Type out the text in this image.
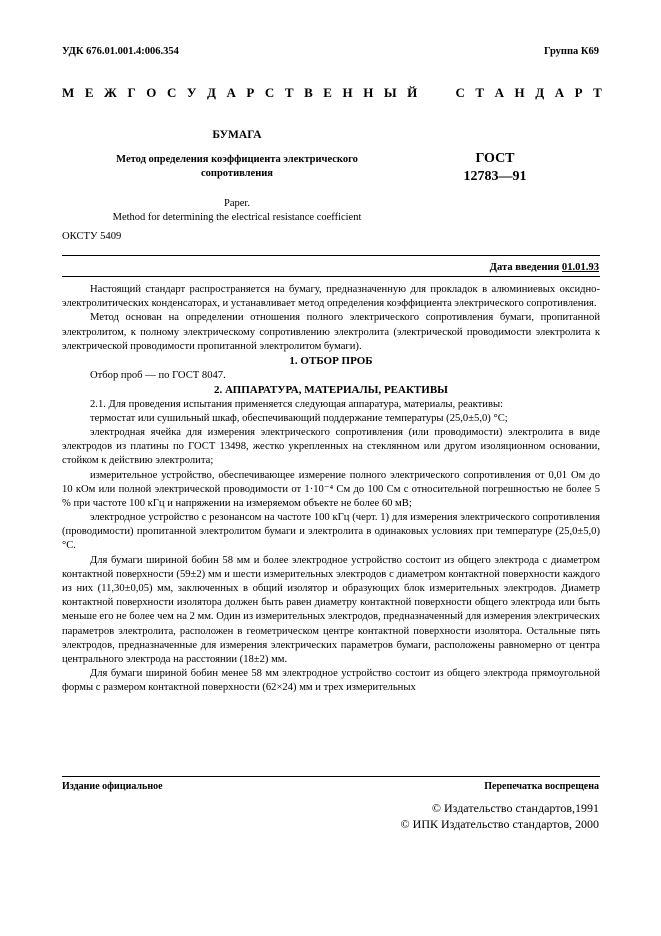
УДК 676.01.001.4:006.354	Группа К69
М Е Ж Г О С У Д А Р С Т В Е Н Н Ы Й

	С Т А Н Д А Р Т
БУМАГА
Метод определения коэффициента электрического
сопротивления
Paper.
Method for determining the electrical resistance coefficient
ГОСТ
12783—91
ОКСТУ 5409
Дата введения 01.01.93

Настоящий стандарт распространяется на бумагу, предназначенную для прокладок в алюминиевых оксидно-электролитических конденсаторах, и устанавливает метод определения коэффициента электрического сопротивления.

Метод основан на определении отношения полного электрического сопротивления бумаги, пропитанной электролитом, к полному электрическому сопротивлению электролита (электрической проводимости электролита к электрической проводимости пропитанной электролитом бумаги).

1. ОТБОР ПРОБ

Отбор проб — по ГОСТ 8047.

2. АППАРАТУРА, МАТЕРИАЛЫ, РЕАКТИВЫ

2.1. Для проведения испытания применяется следующая аппаратура, материалы, реактивы:

термостат или сушильный шкаф, обеспечивающий поддержание температуры (25,0±5,0) °С;

электродная ячейка для измерения электрического сопротивления (или проводимости) электролита в виде электродов из платины по ГОСТ 13498, жестко укрепленных на стеклянном или другом изоляционном основании, стойком к действию электролита;

измерительное устройство, обеспечивающее измерение полного электрического сопротивления от 0,01 Ом до 10 кОм или полной электрической проводимости от 1·10⁻⁴ См до 100 См с относительной погрешностью не более 5 % при частоте 100 кГц и напряжении на измеряемом объекте не более 60 мВ;

электродное устройство с резонансом на частоте 100 кГц (черт. 1) для измерения электрического сопротивления (проводимости) пропитанной электролитом бумаги и электролита в одинаковых условиях при температуре (25,0±5,0) °С.

Для бумаги шириной бобин 58 мм и более электродное устройство состоит из общего электрода с диаметром контактной поверхности (59±2) мм и шести измерительных электродов с диаметром контактной поверхности каждого из них (11,30±0,05) мм, заключенных в общий изолятор и образующих блок измерительных электродов. Диаметр контактной поверхности изолятора должен быть равен диаметру контактной поверхности общего электрода или быть меньше его не более чем на 2 мм. Один из измерительных электродов, предназначенный для измерения электрических параметров электролита, расположен в геометрическом центре контактной поверхности изолятора. Остальные пять электродов, предназначенные для измерения электрических параметров бумаги, расположены равномерно от центра центрального электрода на расстоянии (18±2) мм.

Для бумаги шириной бобин менее 58 мм электродное устройство состоит из общего электрода прямоугольной формы с размером контактной поверхности (62×24) мм и трех измерительных

Издание официальное	Перепечатка воспрещена
© Издательство стандартов,1991
© ИПК Издательство стандартов, 2000
